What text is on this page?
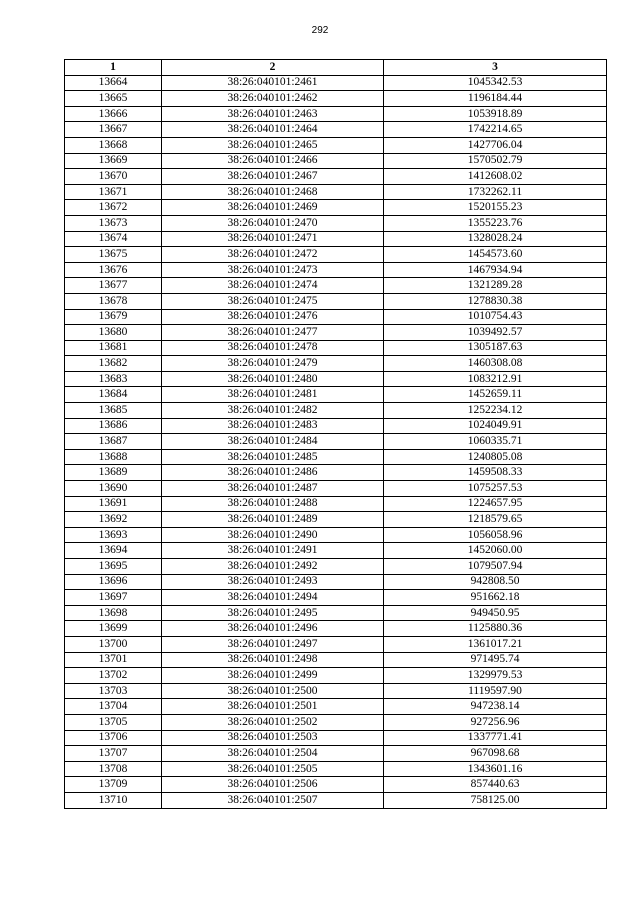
292
1	2	3
13664	38:26:040101:2461	1045342.53
13665	38:26:040101:2462	1196184.44
13666	38:26:040101:2463	1053918.89
13667	38:26:040101:2464	1742214.65
13668	38:26:040101:2465	1427706.04
13669	38:26:040101:2466	1570502.79
13670	38:26:040101:2467	1412608.02
13671	38:26:040101:2468	1732262.11
13672	38:26:040101:2469	1520155.23
13673	38:26:040101:2470	1355223.76
13674	38:26:040101:2471	1328028.24
13675	38:26:040101:2472	1454573.60
13676	38:26:040101:2473	1467934.94
13677	38:26:040101:2474	1321289.28
13678	38:26:040101:2475	1278830.38
13679	38:26:040101:2476	1010754.43
13680	38:26:040101:2477	1039492.57
13681	38:26:040101:2478	1305187.63
13682	38:26:040101:2479	1460308.08
13683	38:26:040101:2480	1083212.91
13684	38:26:040101:2481	1452659.11
13685	38:26:040101:2482	1252234.12
13686	38:26:040101:2483	1024049.91
13687	38:26:040101:2484	1060335.71
13688	38:26:040101:2485	1240805.08
13689	38:26:040101:2486	1459508.33
13690	38:26:040101:2487	1075257.53
13691	38:26:040101:2488	1224657.95
13692	38:26:040101:2489	1218579.65
13693	38:26:040101:2490	1056058.96
13694	38:26:040101:2491	1452060.00
13695	38:26:040101:2492	1079507.94
13696	38:26:040101:2493	942808.50
13697	38:26:040101:2494	951662.18
13698	38:26:040101:2495	949450.95
13699	38:26:040101:2496	1125880.36
13700	38:26:040101:2497	1361017.21
13701	38:26:040101:2498	971495.74
13702	38:26:040101:2499	1329979.53
13703	38:26:040101:2500	1119597.90
13704	38:26:040101:2501	947238.14
13705	38:26:040101:2502	927256.96
13706	38:26:040101:2503	1337771.41
13707	38:26:040101:2504	967098.68
13708	38:26:040101:2505	1343601.16
13709	38:26:040101:2506	857440.63
13710	38:26:040101:2507	758125.00
